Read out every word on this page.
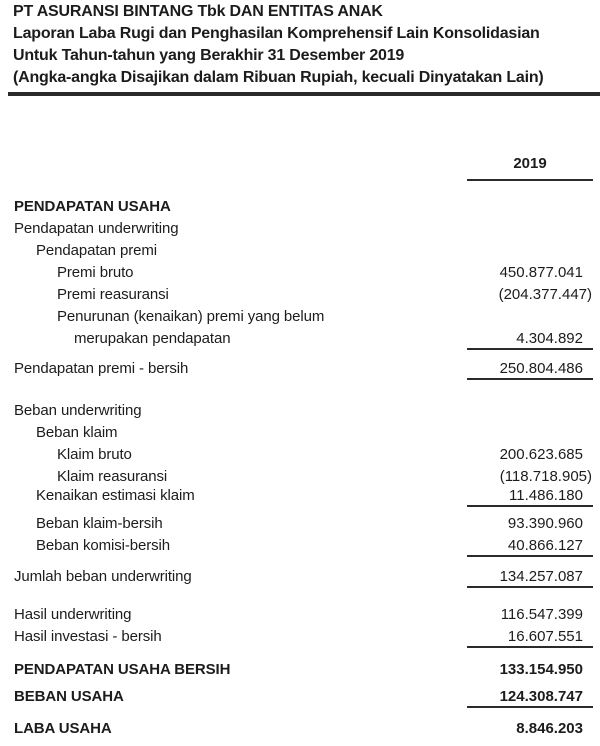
PT ASURANSI BINTANG Tbk DAN ENTITAS ANAK
Laporan Laba Rugi dan Penghasilan Komprehensif Lain Konsolidasian
Untuk Tahun-tahun yang Berakhir 31 Desember 2019
(Angka-angka Disajikan dalam Ribuan Rupiah, kecuali Dinyatakan Lain)
2019
PENDAPATAN USAHA
Pendapatan underwriting
Pendapatan premi
Premi bruto	450.877.041
Premi reasuransi	(204.377.447)
Penurunan (kenaikan) premi yang belum
merupakan pendapatan	4.304.892
Pendapatan premi - bersih	250.804.486
Beban underwriting
Beban klaim
Klaim bruto	200.623.685
Klaim reasuransi	(118.718.905)
Kenaikan estimasi klaim	11.486.180
Beban klaim-bersih	93.390.960
Beban komisi-bersih	40.866.127
Jumlah beban underwriting	134.257.087
Hasil underwriting	116.547.399
Hasil investasi - bersih	16.607.551
PENDAPATAN USAHA BERSIH	133.154.950
BEBAN USAHA	124.308.747
LABA USAHA	8.846.203
